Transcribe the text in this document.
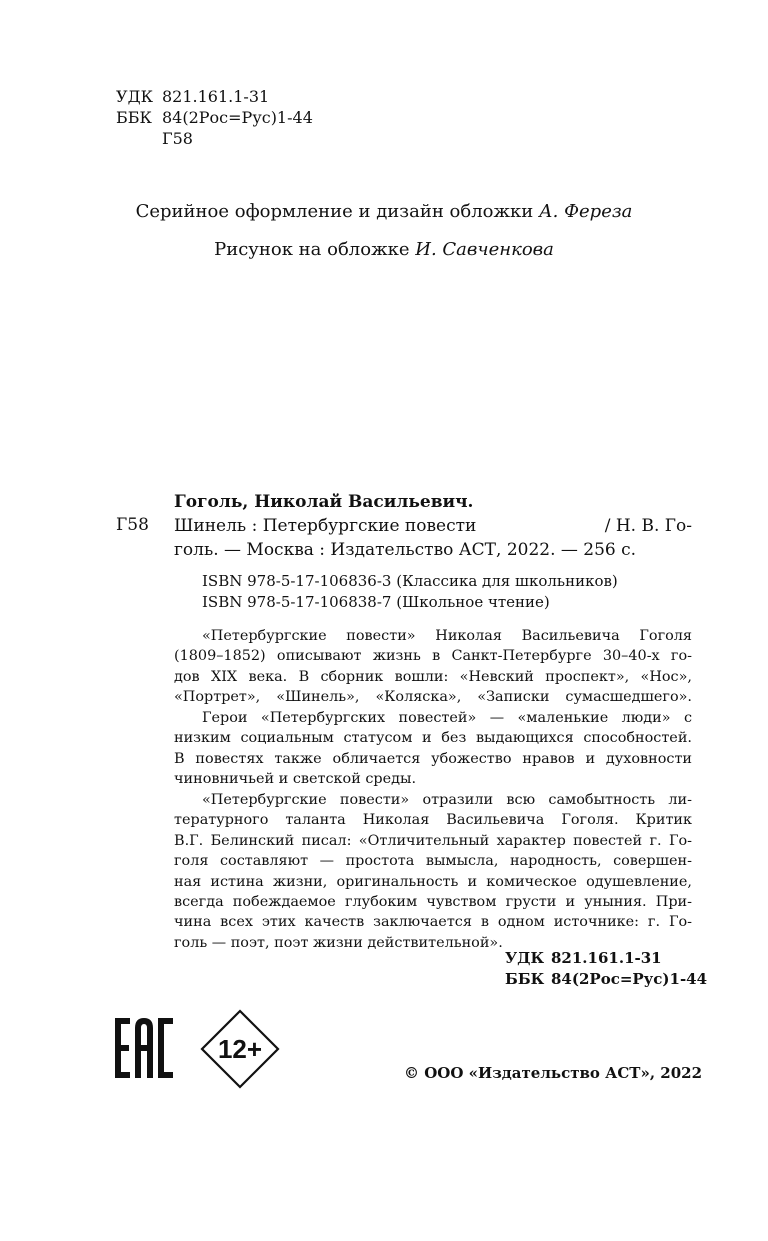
УДК 821.161.1-31
ББК 84(2Рос=Рус)1-44
Г58
Серийное оформление и дизайн обложки А. Фереза
Рисунок на обложке И. Савченкова
Гоголь, Николай Васильевич.
Г58 Шинель : Петербургские повести	/ Н. В. Го-
голь. — Москва : Издательство АСТ, 2022. — 256 с.
ISBN 978-5-17-106836-3 (Классика для школьников)
ISBN 978-5-17-106838-7 (Школьное чтение)
«Петербургские повести» Николая Васильевича Гоголя
(1809–1852) описывают жизнь в Санкт-Петербурге 30–40-х го-
дов XIX века. В сборник вошли: «Невский проспект», «Нос»,
«Портрет», «Шинель», «Коляска», «Записки сумасшедшего».
Герои «Петербургских повестей» — «маленькие люди» с
низким социальным статусом и без выдающихся способностей.
В повестях также обличается убожество нравов и духовности
чиновничьей и светской среды.
«Петербургские повести» отразили всю самобытность ли-
тературного таланта Николая Васильевича Гоголя. Критик
В.Г. Белинский писал: «Отличительный характер повестей г. Го-
голя составляют — простота вымысла, народность, совершен-
ная истина жизни, оригинальность и комическое одушевление,
всегда побеждаемое глубоким чувством грусти и уныния. При-
чина всех этих качеств заключается в одном источнике: г. Го-
голь — поэт, поэт жизни действительной».
УДК 821.161.1-31
ББК 84(2Рос=Рус)1-44
12+
© ООО «Издательство АСТ», 2022
